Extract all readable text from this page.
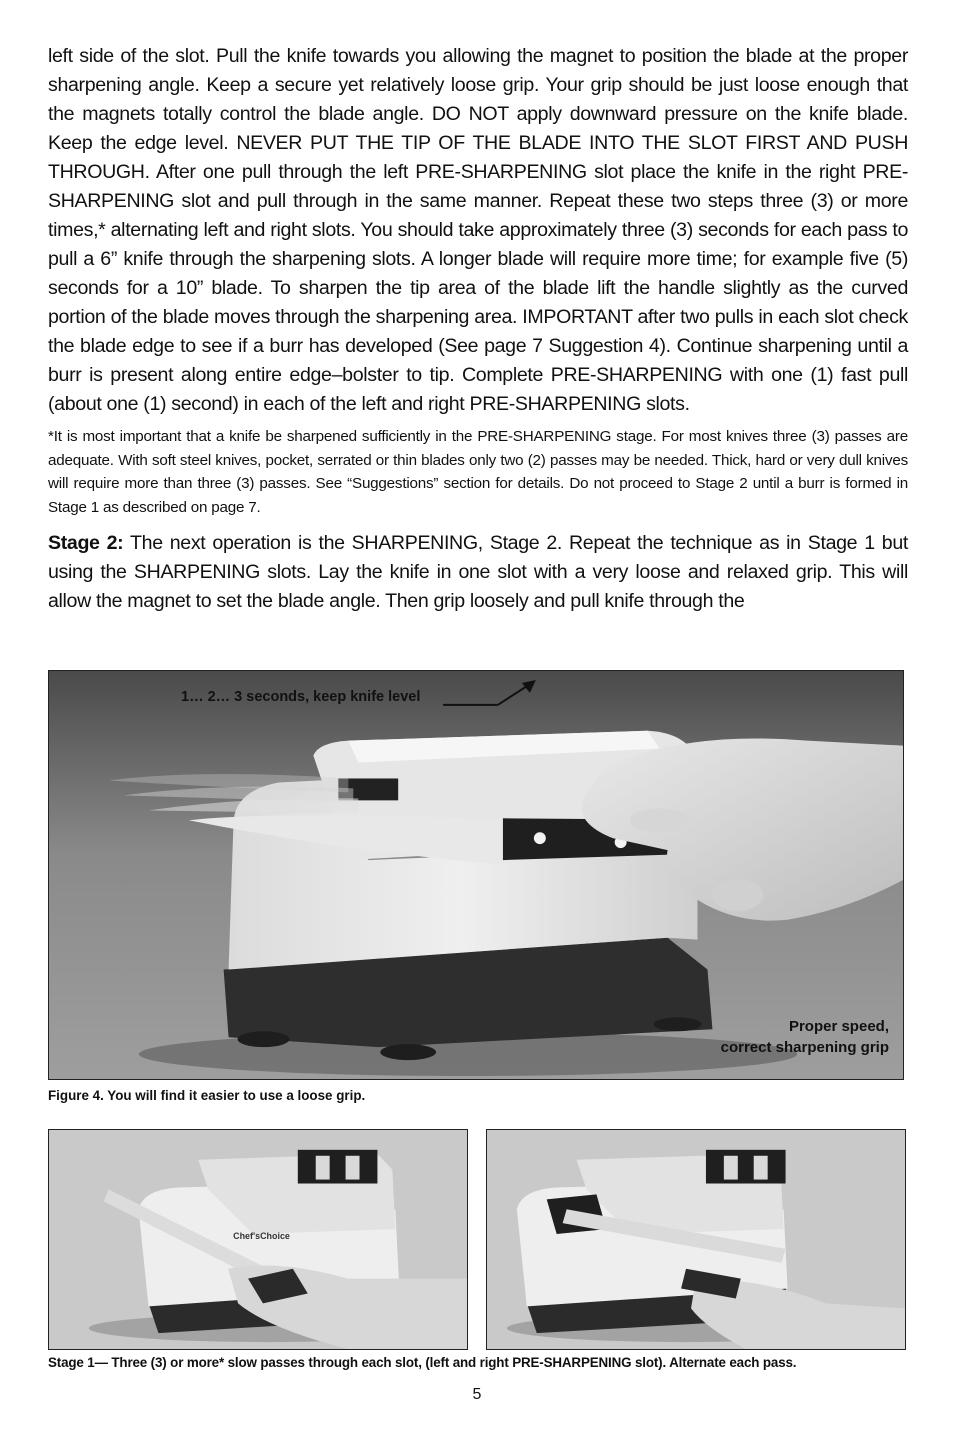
left side of the slot. Pull the knife towards you allowing the magnet to position the blade at the proper sharpening angle. Keep a secure yet relatively loose grip. Your grip should be just loose enough that the magnets totally control the blade angle. DO NOT apply downward pressure on the knife blade. Keep the edge level. NEVER PUT THE TIP OF THE BLADE INTO THE SLOT FIRST AND PUSH THROUGH. After one pull through the left PRE-SHARPENING slot place the knife in the right PRE-SHARPENING slot and pull through in the same manner. Repeat these two steps three (3) or more times,* alternating left and right slots. You should take approximately three (3) seconds for each pass to pull a 6” knife through the sharpening slots. A longer blade will require more time; for example five (5) seconds for a 10” blade. To sharpen the tip area of the blade lift the handle slightly as the curved portion of the blade moves through the sharpening area. IMPORTANT after two pulls in each slot check the blade edge to see if a burr has developed (See page 7 Suggestion 4). Continue sharpening until a burr is present along entire edge–bolster to tip. Complete PRE-SHARPENING with one (1) fast pull (about one (1) second) in each of the left and right PRE-SHARPENING slots.

*It is most important that a knife be sharpened sufficiently in the PRE-SHARPENING stage. For most knives three (3) passes are adequate. With soft steel knives, pocket, serrated or thin blades only two (2) passes may be needed. Thick, hard or very dull knives will require more than three (3) passes. See “Suggestions” section for details. Do not proceed to Stage 2 until a burr is formed in Stage 1 as described on page 7.

Stage 2: The next operation is the SHARPENING, Stage 2. Repeat the technique as in Stage 1 but using the SHARPENING slots. Lay the knife in one slot with a very loose and relaxed grip. This will allow the magnet to set the blade angle. Then grip loosely and pull knife through the

1… 2… 3 seconds, keep knife level
Proper speed,
correct sharpening grip
Figure 4. You will find it easier to use a loose grip.
Chef'sChoice
Stage 1— Three (3) or more* slow passes through each slot, (left and right PRE-SHARPENING slot). Alternate each pass.
5
